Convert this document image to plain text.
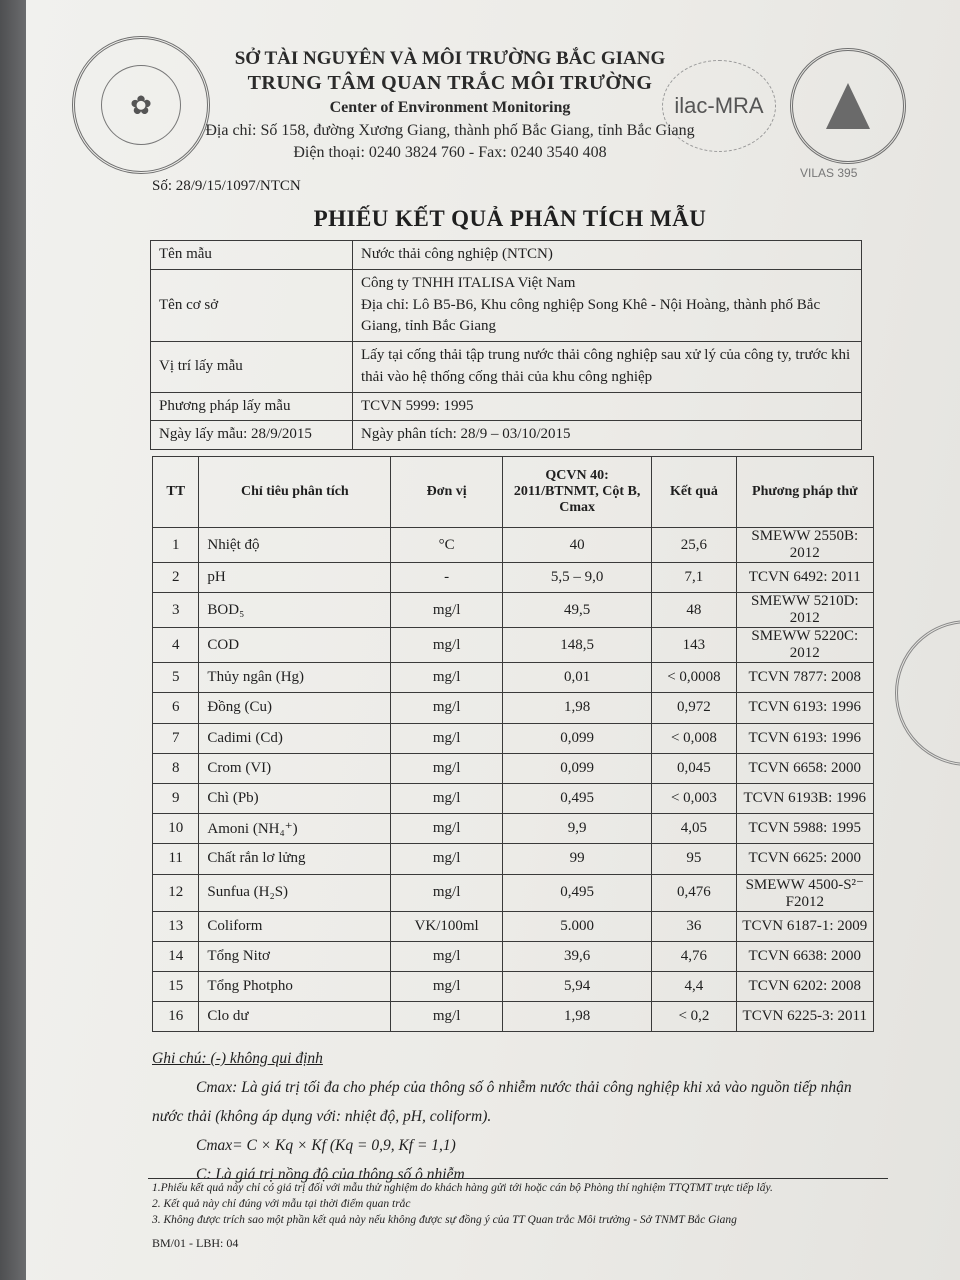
✿	ilac-MRA
VILAS 395
SỞ TÀI NGUYÊN VÀ MÔI TRƯỜNG BẮC GIANG
TRUNG TÂM QUAN TRẮC MÔI TRƯỜNG
Center of Environment Monitoring
Địa chỉ: Số 158, đường Xương Giang, thành phố Bắc Giang, tỉnh Bắc Giang
Điện thoại: 0240 3824 760 - Fax: 0240 3540 408
Số: 28/9/15/1097/NTCN
PHIẾU KẾT QUẢ PHÂN TÍCH MẪU
Tên mẫu	Nước thải công nghiệp (NTCN)
Tên cơ sở	Công ty TNHH ITALISA Việt Nam
Địa chỉ: Lô B5-B6, Khu công nghiệp Song Khê - Nội Hoàng, thành phố Bắc Giang, tỉnh Bắc Giang

Vị trí lấy mẫu	Lấy tại cống thải tập trung nước thải công nghiệp sau xử lý của công ty, trước khi thải vào hệ thống cống thải của khu công nghiệp
Phương pháp lấy mẫu	TCVN 5999: 1995
Ngày lấy mẫu: 28/9/2015	Ngày phân tích: 28/9 – 03/10/2015
TT	Chỉ tiêu phân tích	Đơn vị	QCVN 40: 2011/BTNMT, Cột B, Cmax	Kết quả	Phương pháp thử
1	Nhiệt độ	°C	40	25,6	SMEWW 2550B: 2012
2	pH	-	5,5 – 9,0	7,1	TCVN 6492: 2011
3	BOD₅	mg/l	49,5	48	SMEWW 5210D: 2012
4	COD	mg/l	148,5	143	SMEWW 5220C: 2012
5	Thủy ngân (Hg)	mg/l	0,01	< 0,0008	TCVN 7877: 2008
6	Đồng (Cu)	mg/l	1,98	0,972	TCVN 6193: 1996
7	Cadimi (Cd)	mg/l	0,099	< 0,008	TCVN 6193: 1996
8	Crom (VI)	mg/l	0,099	0,045	TCVN 6658: 2000
9	Chì (Pb)	mg/l	0,495	< 0,003	TCVN 6193B: 1996
10	Amoni (NH₄⁺)	mg/l	9,9	4,05	TCVN 5988: 1995
11	Chất rắn lơ lửng	mg/l	99	95	TCVN 6625: 2000
12	Sunfua (H₂S)	mg/l	0,495	0,476	SMEWW 4500-S²⁻ F2012
13	Coliform	VK/100ml	5.000	36	TCVN 6187-1: 2009
14	Tổng Nitơ	mg/l	39,6	4,76	TCVN 6638: 2000
15	Tổng Photpho	mg/l	5,94	4,4	TCVN 6202: 2008
16	Clo dư	mg/l	1,98	< 0,2	TCVN 6225-3: 2011
Ghi chú: (-) không qui định
Cmax: Là giá trị tối đa cho phép của thông số ô nhiễm nước thải công nghiệp khi xả vào nguồn tiếp nhận
nước thải (không áp dụng với: nhiệt độ, pH, coliform).
Cmax= C × Kq × Kf (Kq = 0,9, Kf = 1,1)
C: Là giá trị nồng độ của thông số ô nhiễm
1.Phiếu kết quả này chỉ có giá trị đối với mẫu thử nghiệm do khách hàng gửi tới hoặc cán bộ Phòng thí nghiệm TTQTMT trực tiếp lấy.
2. Kết quả này chỉ đúng với mẫu tại thời điểm quan trắc
3. Không được trích sao một phần kết quả này nếu không được sự đồng ý của TT Quan trắc Môi trường - Sở TNMT Bắc Giang
BM/01 - LBH: 04
